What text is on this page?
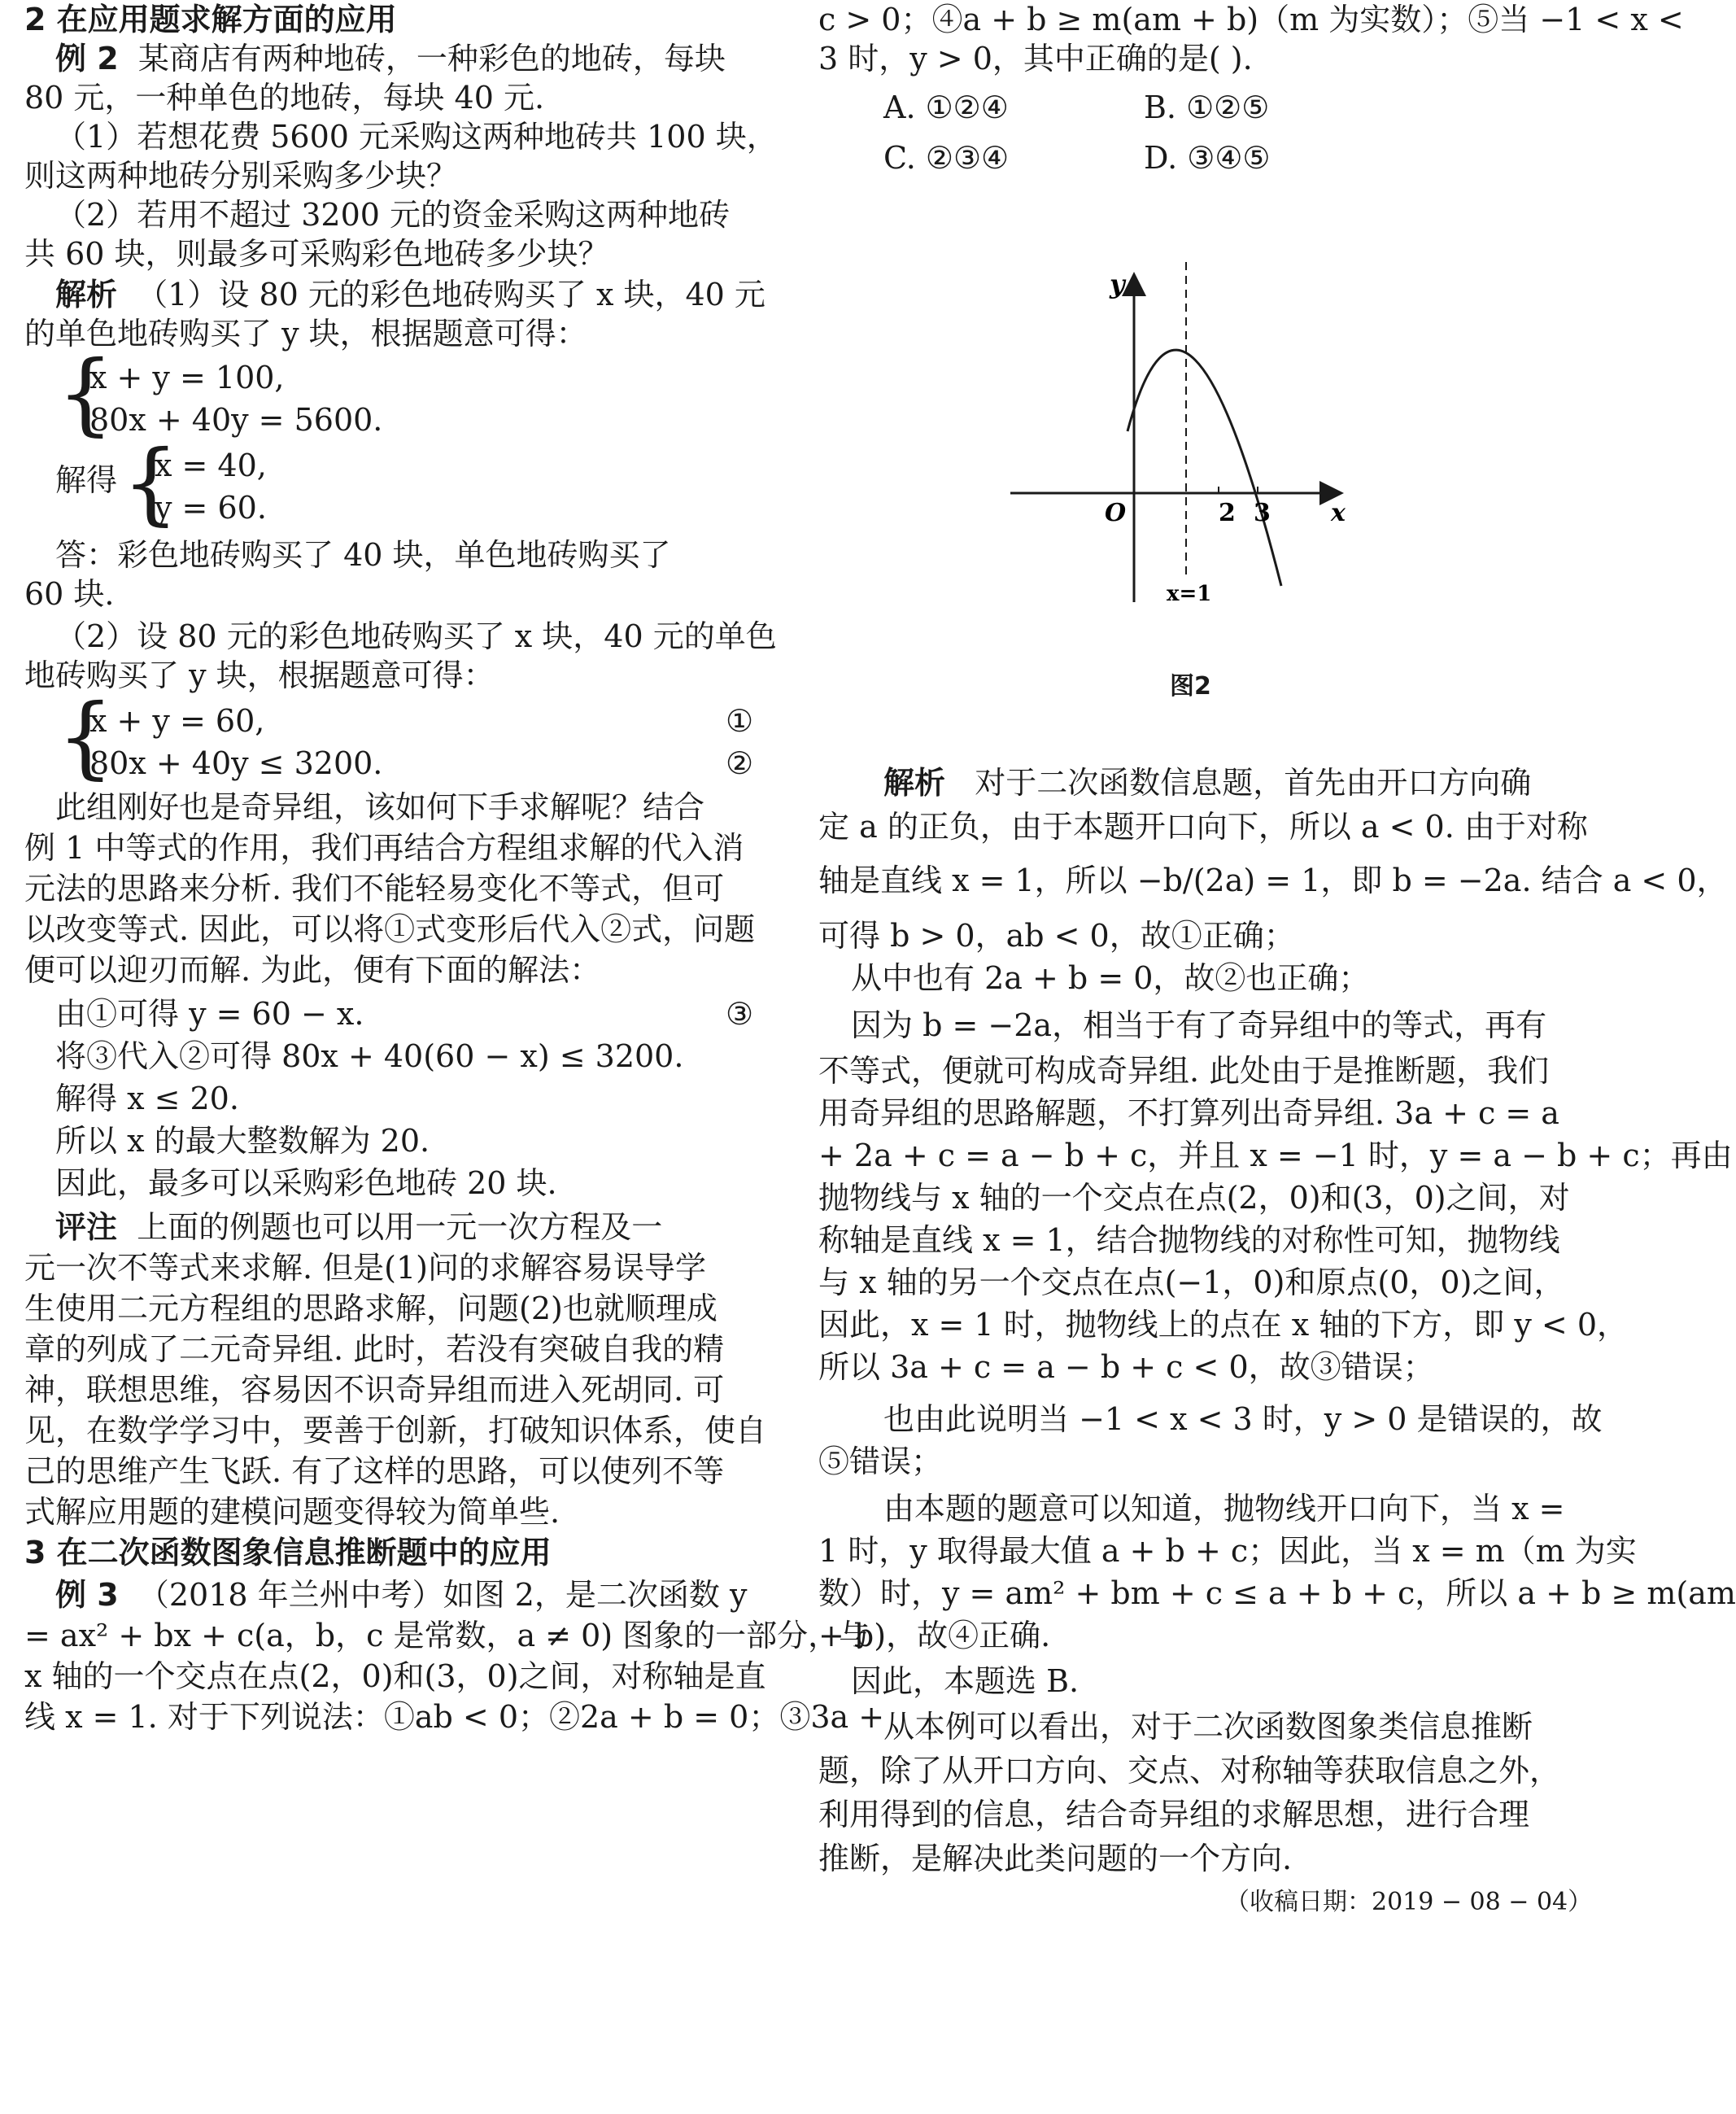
2 在应用题求解方面的应用
例 2 某商店有两种地砖，一种彩色的地砖，每块
80 元，一种单色的地砖，每块 40 元.
（1）若想花费 5600 元采购这两种地砖共 100 块，
则这两种地砖分别采购多少块？
（2）若用不超过 3200 元的资金采购这两种地砖
共 60 块，则最多可采购彩色地砖多少块？
解析 （1）设 80 元的彩色地砖购买了 x 块，40 元
的单色地砖购买了 y 块，根据题意可得：
{
x + y = 100,
80x + 40y = 5600.
解得 {
x = 40,
y = 60.
答：彩色地砖购买了 40 块，单色地砖购买了
60 块.
（2）设 80 元的彩色地砖购买了 x 块，40 元的单色
地砖购买了 y 块，根据题意可得：
{
x + y = 60,
80x + 40y ≤ 3200.
①
②
此组刚好也是奇异组，该如何下手求解呢？结合
例 1 中等式的作用，我们再结合方程组求解的代入消
元法的思路来分析. 我们不能轻易变化不等式，但可
以改变等式. 因此，可以将①式变形后代入②式，问题
便可以迎刃而解. 为此，便有下面的解法：
由①可得 y = 60 − x.	③
将③代入②可得 80x + 40(60 − x) ≤ 3200.
解得 x ≤ 20.
所以 x 的最大整数解为 20.
因此，最多可以采购彩色地砖 20 块.
评注 上面的例题也可以用一元一次方程及一
元一次不等式来求解. 但是(1)问的求解容易误导学
生使用二元方程组的思路求解，问题(2)也就顺理成
章的列成了二元奇异组. 此时，若没有突破自我的精
神，联想思维，容易因不识奇异组而进入死胡同. 可
见，在数学学习中，要善于创新，打破知识体系，使自
己的思维产生飞跃. 有了这样的思路，可以使列不等
式解应用题的建模问题变得较为简单些.
3 在二次函数图象信息推断题中的应用
例 3 （2018 年兰州中考）如图 2，是二次函数 y
= ax² + bx + c(a，b，c 是常数，a ≠ 0) 图象的一部分，与
x 轴的一个交点在点(2，0)和(3，0)之间，对称轴是直
线 x = 1. 对于下列说法：①ab < 0；②2a + b = 0；③3a +
c > 0；④a + b ≥ m(am + b)（m 为实数）；⑤当 −1 < x <
3 时，y > 0，其中正确的是( ).
A. ①②④	B. ①②⑤
C. ②③④	D. ③④⑤
y
x
O	2 3
x=1
图2
解析 对于二次函数信息题，首先由开口方向确
定 a 的正负，由于本题开口向下，所以 a < 0. 由于对称
轴是直线 x = 1，所以 −b/(2a) = 1，即 b = −2a. 结合 a < 0，
可得 b > 0，ab < 0，故①正确；
从中也有 2a + b = 0，故②也正确；
因为 b = −2a，相当于有了奇异组中的等式，再有
不等式，便就可构成奇异组. 此处由于是推断题，我们
用奇异组的思路解题，不打算列出奇异组. 3a + c = a
+ 2a + c = a − b + c，并且 x = −1 时，y = a − b + c；再由
抛物线与 x 轴的一个交点在点(2，0)和(3，0)之间，对
称轴是直线 x = 1，结合抛物线的对称性可知，抛物线
与 x 轴的另一个交点在点(−1，0)和原点(0，0)之间，
因此，x = 1 时，抛物线上的点在 x 轴的下方，即 y < 0，
所以 3a + c = a − b + c < 0，故③错误；
也由此说明当 −1 < x < 3 时，y > 0 是错误的，故
⑤错误；
由本题的题意可以知道，抛物线开口向下，当 x =
1 时，y 取得最大值 a + b + c；因此，当 x = m（m 为实
数）时，y = am² + bm + c ≤ a + b + c，所以 a + b ≥ m(am
+ b)，故④正确.
因此，本题选 B.
从本例可以看出，对于二次函数图象类信息推断
题，除了从开口方向、交点、对称轴等获取信息之外，
利用得到的信息，结合奇异组的求解思想，进行合理
推断，是解决此类问题的一个方向.
（收稿日期：2019 − 08 − 04）
